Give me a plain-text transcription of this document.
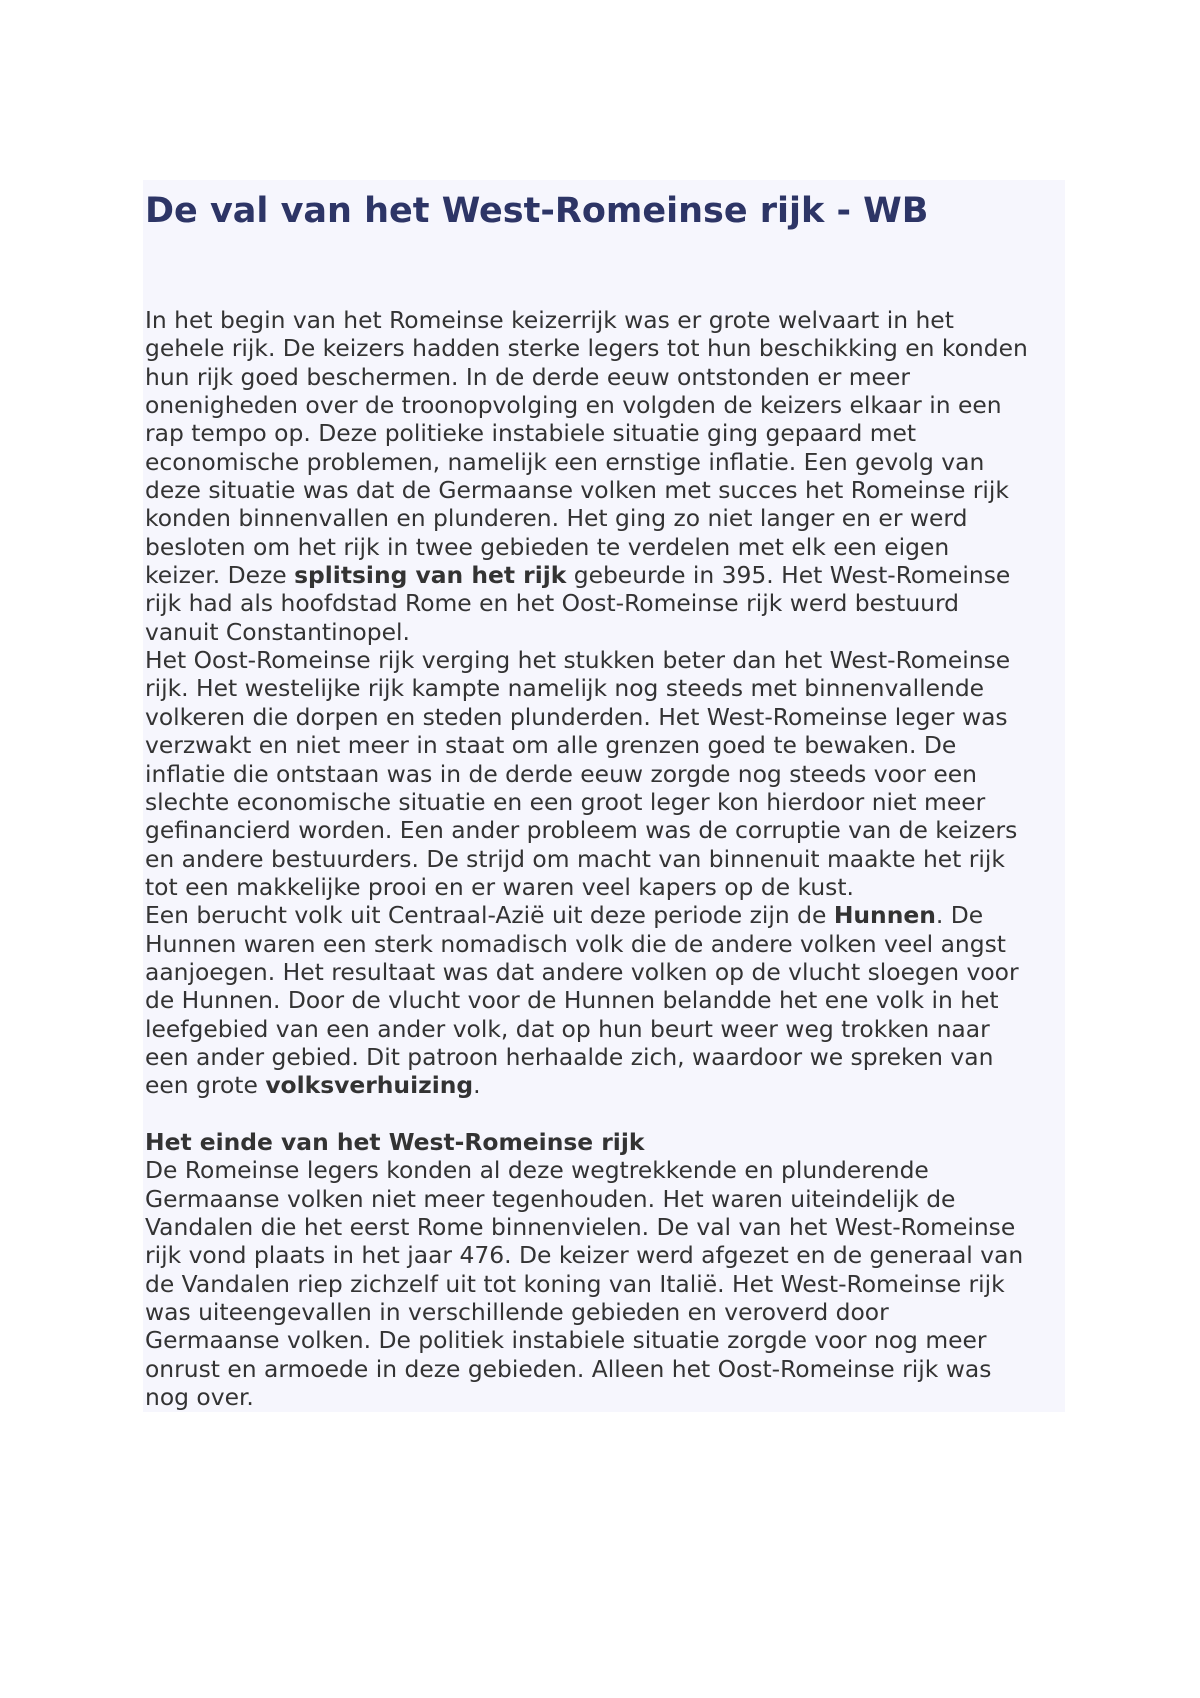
De val van het West-Romeinse rijk - WB

In het begin van het Romeinse keizerrijk was er grote welvaart in het
gehele rijk. De keizers hadden sterke legers tot hun beschikking en konden
hun rijk goed beschermen. In de derde eeuw ontstonden er meer
onenigheden over de troonopvolging en volgden de keizers elkaar in een
rap tempo op. Deze politieke instabiele situatie ging gepaard met
economische problemen, namelijk een ernstige inflatie. Een gevolg van
deze situatie was dat de Germaanse volken met succes het Romeinse rijk
konden binnenvallen en plunderen. Het ging zo niet langer en er werd
besloten om het rijk in twee gebieden te verdelen met elk een eigen
keizer. Deze splitsing van het rijk gebeurde in 395. Het West-Romeinse
rijk had als hoofdstad Rome en het Oost-Romeinse rijk werd bestuurd
vanuit Constantinopel.

Het Oost-Romeinse rijk verging het stukken beter dan het West-Romeinse
rijk. Het westelijke rijk kampte namelijk nog steeds met binnenvallende
volkeren die dorpen en steden plunderden. Het West-Romeinse leger was
verzwakt en niet meer in staat om alle grenzen goed te bewaken. De
inflatie die ontstaan was in de derde eeuw zorgde nog steeds voor een
slechte economische situatie en een groot leger kon hierdoor niet meer
gefinancierd worden. Een ander probleem was de corruptie van de keizers
en andere bestuurders. De strijd om macht van binnenuit maakte het rijk
tot een makkelijke prooi en er waren veel kapers op de kust.

Een berucht volk uit Centraal-Azië uit deze periode zijn de Hunnen. De
Hunnen waren een sterk nomadisch volk die de andere volken veel angst
aanjoegen. Het resultaat was dat andere volken op de vlucht sloegen voor
de Hunnen. Door de vlucht voor de Hunnen belandde het ene volk in het
leefgebied van een ander volk, dat op hun beurt weer weg trokken naar
een ander gebied. Dit patroon herhaalde zich, waardoor we spreken van
een grote volksverhuizing.

Het einde van het West-Romeinse rijk

De Romeinse legers konden al deze wegtrekkende en plunderende
Germaanse volken niet meer tegenhouden. Het waren uiteindelijk de
Vandalen die het eerst Rome binnenvielen. De val van het West-Romeinse
rijk vond plaats in het jaar 476. De keizer werd afgezet en de generaal van
de Vandalen riep zichzelf uit tot koning van Italië. Het West-Romeinse rijk
was uiteengevallen in verschillende gebieden en veroverd door
Germaanse volken. De politiek instabiele situatie zorgde voor nog meer
onrust en armoede in deze gebieden. Alleen het Oost-Romeinse rijk was
nog over.
